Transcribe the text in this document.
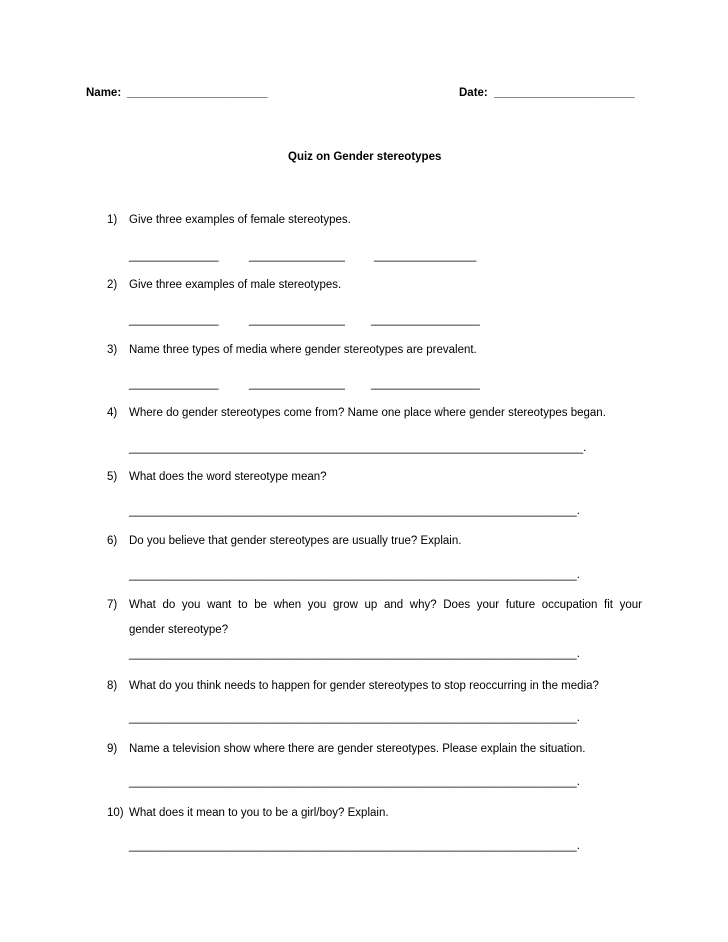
Name: ______________________	Date: ______________________
Quiz on Gender stereotypes
1) Give three examples of female stereotypes.
______________	_______________	________________
2) Give three examples of male stereotypes.
______________	_______________ _________________
3) Name three types of media where gender stereotypes are prevalent.
______________	_______________ _________________
4) Where do gender stereotypes come from? Name one place where gender stereotypes began.
_______________________________________________________________________.
5) What does the word stereotype mean?
______________________________________________________________________.
6) Do you believe that gender stereotypes are usually true? Explain.
______________________________________________________________________.
7) What do you want to be when you grow up and why? Does your future occupation fit your
gender stereotype?
______________________________________________________________________.
8) What do you think needs to happen for gender stereotypes to stop reoccurring in the media?
______________________________________________________________________.
9) Name a television show where there are gender stereotypes. Please explain the situation.
______________________________________________________________________.
10) What does it mean to you to be a girl/boy? Explain.
______________________________________________________________________.
